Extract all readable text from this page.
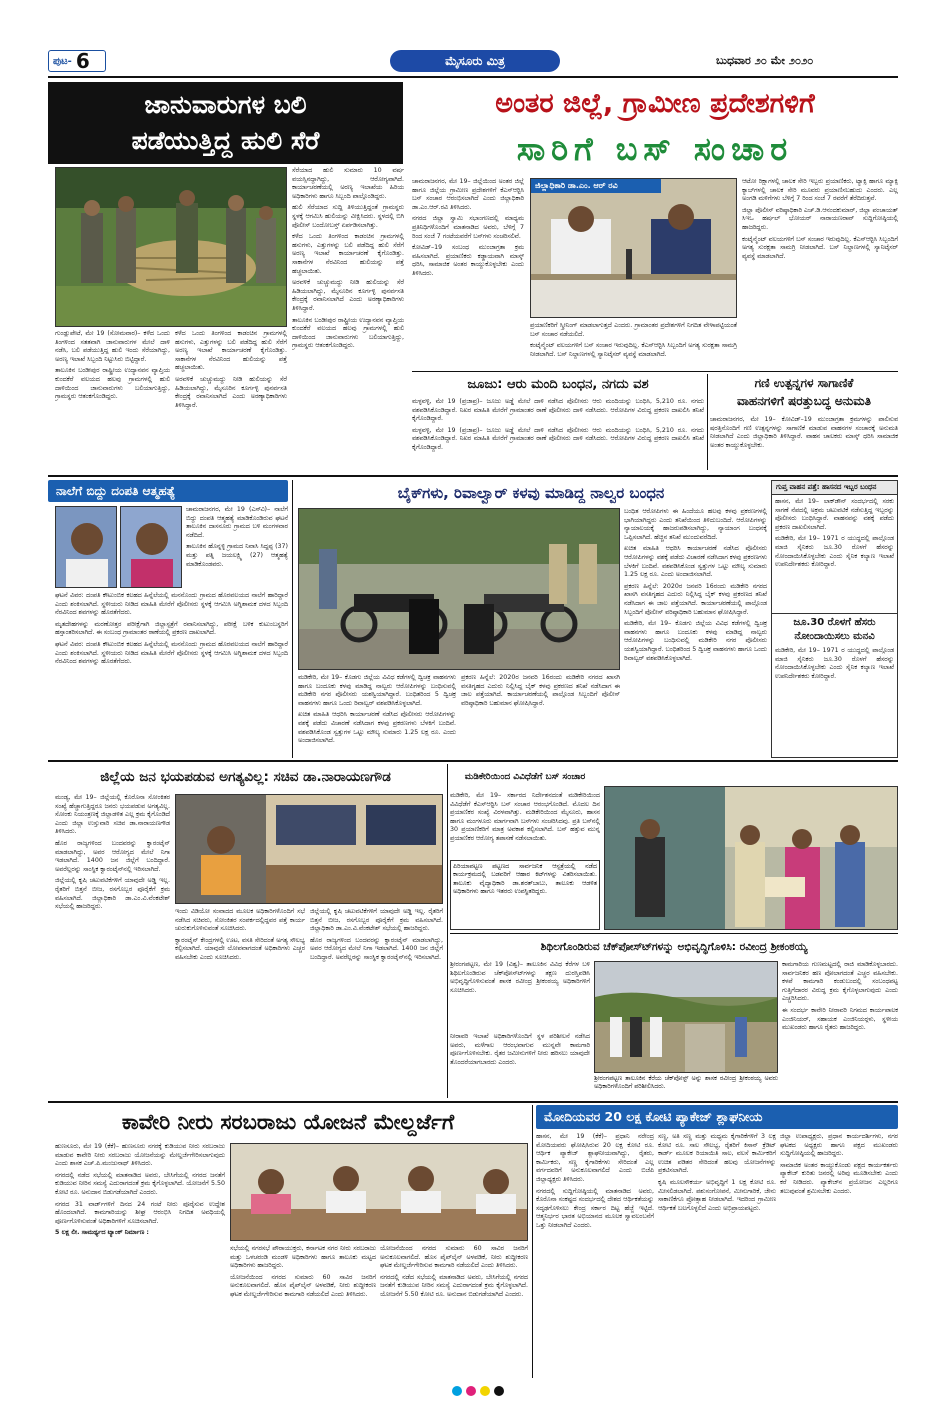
ಪುಟ- 6	ಮೈಸೂರು ಮಿತ್ರ	ಬುಧವಾರ ೨೦ ಮೇ ೨೦೨೦
ಜಾನುವಾರುಗಳ ಬಲಿ
ಪಡೆಯುತ್ತಿದ್ದ ಹುಲಿ ಸೆರೆ

ಗುಂಡ್ಲುಪೇಟೆ, ಮೇ 19 (ಸೋಮವಾರ)– ಕಳೆದ ಒಂದು ತಿಂಗಳಿಂದ ಸತತವಾಗಿ ಜಾನುವಾರುಗಳ ಮೇಲೆ ದಾಳಿ ನಡೆಸಿ, ಬಲಿ ಪಡೆಯುತ್ತಿದ್ದ ಹುಲಿ ಇಂದು ಸೆರೆಯಾಗಿದ್ದು, ಅರಣ್ಯ ಇಲಾಖೆ ಸಿಬ್ಬಂದಿ ನಿಟ್ಟುಸಿರು ಬಿಟ್ಟಿದ್ದಾರೆ.

ತಾಲೂಕಿನ ಬಂಡೀಪುರ ರಾಷ್ಟ್ರೀಯ ಉದ್ಯಾನವನ ವ್ಯಾಪ್ತಿಯ ಕುಂದಕೆರೆ ವಲಯದ ಹಲವು ಗ್ರಾಮಗಳಲ್ಲಿ ಹುಲಿ ದಾಳಿಯಿಂದ ಜಾನುವಾರುಗಳು ಬಲಿಯಾಗುತ್ತಿದ್ದು, ಗ್ರಾಮಸ್ಥರು ಆತಂಕಗೊಂಡಿದ್ದರು.

ಕಳೆದ ಒಂದು ತಿಂಗಳಿಂದ ಕಾಡಂಚಿನ ಗ್ರಾಮಗಳಲ್ಲಿ ಹಸುಗಳು, ಎತ್ತುಗಳನ್ನು ಬಲಿ ಪಡೆದಿದ್ದ ಹುಲಿ ಸೆರೆಗೆ ಅರಣ್ಯ ಇಲಾಖೆ ಕಾರ್ಯಾಚರಣೆ ಕೈಗೊಂಡಿತ್ತು. ಸಾಕಾನೆಗಳ ನೆರವಿನಿಂದ ಹುಲಿಯನ್ನು ಪತ್ತೆ ಹಚ್ಚಲಾಯಿತು.

ಅರವಳಿಕೆ ಚುಚ್ಚುಮದ್ದು ನೀಡಿ ಹುಲಿಯನ್ನು ಸೆರೆ ಹಿಡಿಯಲಾಗಿದ್ದು, ಮೈಸೂರಿನ ಕೂರ್ಗಳ್ಳಿ ಪುನರ್ವಸತಿ ಕೇಂದ್ರಕ್ಕೆ ರವಾನಿಸಲಾಗಿದೆ ಎಂದು ಅರಣ್ಯಾಧಿಕಾರಿಗಳು ತಿಳಿಸಿದ್ದಾರೆ.

ಸೆರೆಯಾದ ಹುಲಿ ಸುಮಾರು 10 ವರ್ಷ ವಯಸ್ಸಿನದ್ದಾಗಿದ್ದು, ಆರೋಗ್ಯವಾಗಿದೆ. ಕಾರ್ಯಾಚರಣೆಯಲ್ಲಿ ಅರಣ್ಯ ಇಲಾಖೆಯ ಹಿರಿಯ ಅಧಿಕಾರಿಗಳು ಹಾಗೂ ಸಿಬ್ಬಂದಿ ಪಾಲ್ಗೊಂಡಿದ್ದರು.

ಹುಲಿ ಸೆರೆಯಾದ ಸುದ್ದಿ ತಿಳಿಯುತ್ತಿದ್ದಂತೆ ಗ್ರಾಮಸ್ಥರು ಸ್ಥಳಕ್ಕೆ ಆಗಮಿಸಿ ಹುಲಿಯನ್ನು ವೀಕ್ಷಿಸಿದರು. ಸ್ಥಳದಲ್ಲಿ ಬಿಗಿ ಪೊಲೀಸ್ ಬಂದೋಬಸ್ತ್ ಏರ್ಪಡಿಸಲಾಗಿತ್ತು.

ಕಳೆದ ಒಂದು ತಿಂಗಳಿಂದ ಕಾಡಂಚಿನ ಗ್ರಾಮಗಳಲ್ಲಿ ಹಸುಗಳು, ಎತ್ತುಗಳನ್ನು ಬಲಿ ಪಡೆದಿದ್ದ ಹುಲಿ ಸೆರೆಗೆ ಅರಣ್ಯ ಇಲಾಖೆ ಕಾರ್ಯಾಚರಣೆ ಕೈಗೊಂಡಿತ್ತು. ಸಾಕಾನೆಗಳ ನೆರವಿನಿಂದ ಹುಲಿಯನ್ನು ಪತ್ತೆ ಹಚ್ಚಲಾಯಿತು.

ಅರವಳಿಕೆ ಚುಚ್ಚುಮದ್ದು ನೀಡಿ ಹುಲಿಯನ್ನು ಸೆರೆ ಹಿಡಿಯಲಾಗಿದ್ದು, ಮೈಸೂರಿನ ಕೂರ್ಗಳ್ಳಿ ಪುನರ್ವಸತಿ ಕೇಂದ್ರಕ್ಕೆ ರವಾನಿಸಲಾಗಿದೆ ಎಂದು ಅರಣ್ಯಾಧಿಕಾರಿಗಳು ತಿಳಿಸಿದ್ದಾರೆ.

ತಾಲೂಕಿನ ಬಂಡೀಪುರ ರಾಷ್ಟ್ರೀಯ ಉದ್ಯಾನವನ ವ್ಯಾಪ್ತಿಯ ಕುಂದಕೆರೆ ವಲಯದ ಹಲವು ಗ್ರಾಮಗಳಲ್ಲಿ ಹುಲಿ ದಾಳಿಯಿಂದ ಜಾನುವಾರುಗಳು ಬಲಿಯಾಗುತ್ತಿದ್ದು, ಗ್ರಾಮಸ್ಥರು ಆತಂಕಗೊಂಡಿದ್ದರು.

ಅಂತರ ಜಿಲ್ಲೆ, ಗ್ರಾಮೀಣ ಪ್ರದೇಶಗಳಿಗೆ
ಸಾರಿಗೆ ಬಸ್ ಸಂಚಾರ

ಚಾಮರಾಜನಗರ, ಮೇ 19– ಜಿಲ್ಲೆಯಿಂದ ಅಂತರ ಜಿಲ್ಲೆ ಹಾಗೂ ಜಿಲ್ಲೆಯ ಗ್ರಾಮೀಣ ಪ್ರದೇಶಗಳಿಗೆ ಕೆಎಸ್‍ಆರ್‍ಟಿಸಿ ಬಸ್ ಸಂಚಾರ ಆರಂಭಿಸಲಾಗಿದೆ ಎಂದು ಜಿಲ್ಲಾಧಿಕಾರಿ ಡಾ.ಎಂ.ಆರ್.ರವಿ ತಿಳಿಸಿದರು.

ನಗರದ ಜಿಲ್ಲಾ ಸ್ವಾಮಿ ಸಭಾಂಗಣದಲ್ಲಿ ಮಾಧ್ಯಮ ಪ್ರತಿನಿಧಿಗಳೊಂದಿಗೆ ಮಾತನಾಡಿದ ಅವರು, ಬೆಳಿಗ್ಗೆ 7 ರಿಂದ ಸಂಜೆ 7 ಗಂಟೆಯವರೆಗೆ ಬಸ್‍ಗಳು ಸಂಚರಿಸಲಿವೆ.

ಕೋವಿಡ್–19 ಸಂಬಂಧ ಮುಂಜಾಗ್ರತಾ ಕ್ರಮ ವಹಿಸಲಾಗಿದೆ. ಪ್ರಯಾಣಿಕರು ಕಡ್ಡಾಯವಾಗಿ ಮಾಸ್ಕ್ ಧರಿಸಿ, ಸಾಮಾಜಿಕ ಅಂತರ ಕಾಯ್ದುಕೊಳ್ಳಬೇಕು ಎಂದು ತಿಳಿಸಿದರು.

ಜಿಲ್ಲಾಧಿಕಾರಿ ಡಾ.ಎಂ. ಆರ್ ರವಿ

ಪ್ರಯಾಣಿಕರಿಗೆ ಸ್ಕ್ರೀನಿಂಗ್ ಮಾಡಲಾಗುತ್ತದೆ ಎಂದರು. ಗ್ರಾಮಾಂತರ ಪ್ರದೇಶಗಳಿಗೆ ನಿಗದಿತ ವೇಳಾಪಟ್ಟಿಯಂತೆ ಬಸ್ ಸಂಚಾರ ನಡೆಯಲಿದೆ.

ಕಂಟೈನ್ಮೆಂಟ್ ವಲಯಗಳಿಗೆ ಬಸ್ ಸಂಚಾರ ಇರುವುದಿಲ್ಲ. ಕೆಎಸ್‍ಆರ್‍ಟಿಸಿ ಸಿಬ್ಬಂದಿಗೆ ಅಗತ್ಯ ಸುರಕ್ಷತಾ ಸಾಮಗ್ರಿ ನೀಡಲಾಗಿದೆ. ಬಸ್ ನಿಲ್ದಾಣಗಳಲ್ಲಿ ಸ್ಯಾನಿಟೈಸರ್ ವ್ಯವಸ್ಥೆ ಮಾಡಲಾಗಿದೆ.

ಆಟೋ ರಿಕ್ಷಾಗಳಲ್ಲಿ ಚಾಲಕ ಸೇರಿ ಇಬ್ಬರು ಪ್ರಯಾಣಿಕರು, ಟ್ಯಾಕ್ಸಿ ಹಾಗೂ ಮ್ಯಾಕ್ಸಿ ಕ್ಯಾಬ್‍ಗಳಲ್ಲಿ ಚಾಲಕ ಸೇರಿ ಮೂವರು ಪ್ರಯಾಣಿಸಬಹುದು ಎಂದರು. ಎಲ್ಲ ಅಂಗಡಿ ಮಳಿಗೆಗಳು ಬೆಳಿಗ್ಗೆ 7 ರಿಂದ ಸಂಜೆ 7 ರವರೆಗೆ ತೆರೆದಿರುತ್ತವೆ.

ಜಿಲ್ಲಾ ಪೊಲೀಸ್ ವರಿಷ್ಠಾಧಿಕಾರಿ ಎಚ್.ಡಿ.ಆನಂದಕುಮಾರ್, ಜಿಲ್ಲಾ ಪಂಚಾಯತ್ ಸಿಇಒ ಹರ್ಷಲ್ ಭೋಯರ್ ನಾರಾಯಣರಾವ್ ಸುದ್ದಿಗೋಷ್ಠಿಯಲ್ಲಿ ಹಾಜರಿದ್ದರು.

ಕಂಟೈನ್ಮೆಂಟ್ ವಲಯಗಳಿಗೆ ಬಸ್ ಸಂಚಾರ ಇರುವುದಿಲ್ಲ. ಕೆಎಸ್‍ಆರ್‍ಟಿಸಿ ಸಿಬ್ಬಂದಿಗೆ ಅಗತ್ಯ ಸುರಕ್ಷತಾ ಸಾಮಗ್ರಿ ನೀಡಲಾಗಿದೆ. ಬಸ್ ನಿಲ್ದಾಣಗಳಲ್ಲಿ ಸ್ಯಾನಿಟೈಸರ್ ವ್ಯವಸ್ಥೆ ಮಾಡಲಾಗಿದೆ.

ಜೂಜು: ಆರು ಮಂದಿ ಬಂಧನ, ನಗದು ವಶ

ಮಳ್ಳವಳ್ಳಿ, ಮೇ 19 (ಪ್ರಜಾಪ್ರ)– ಜೂಜು ಅಡ್ಡೆ ಮೇಲೆ ದಾಳಿ ನಡೆಸಿದ ಪೊಲೀಸರು ಆರು ಮಂದಿಯನ್ನು ಬಂಧಿಸಿ, 5,210 ರೂ. ನಗದು ವಶಪಡಿಸಿಕೊಂಡಿದ್ದಾರೆ. ನಿಖರ ಮಾಹಿತಿ ಮೇರೆಗೆ ಗ್ರಾಮಾಂತರ ಠಾಣೆ ಪೊಲೀಸರು ದಾಳಿ ನಡೆಸಿದರು. ಆರೋಪಿಗಳ ವಿರುದ್ಧ ಪ್ರಕರಣ ದಾಖಲಿಸಿ ತನಿಖೆ ಕೈಗೊಂಡಿದ್ದಾರೆ.

ಮಳ್ಳವಳ್ಳಿ, ಮೇ 19 (ಪ್ರಜಾಪ್ರ)– ಜೂಜು ಅಡ್ಡೆ ಮೇಲೆ ದಾಳಿ ನಡೆಸಿದ ಪೊಲೀಸರು ಆರು ಮಂದಿಯನ್ನು ಬಂಧಿಸಿ, 5,210 ರೂ. ನಗದು ವಶಪಡಿಸಿಕೊಂಡಿದ್ದಾರೆ. ನಿಖರ ಮಾಹಿತಿ ಮೇರೆಗೆ ಗ್ರಾಮಾಂತರ ಠಾಣೆ ಪೊಲೀಸರು ದಾಳಿ ನಡೆಸಿದರು. ಆರೋಪಿಗಳ ವಿರುದ್ಧ ಪ್ರಕರಣ ದಾಖಲಿಸಿ ತನಿಖೆ ಕೈಗೊಂಡಿದ್ದಾರೆ.

ಗಣಿ ಉತ್ಪನ್ನಗಳ ಸಾಗಾಣಿಕೆ
ವಾಹನಗಳಿಗೆ ಷರತ್ತುಬದ್ಧ ಅನುಮತಿ

ಚಾಮರಾಜನಗರ, ಮೇ 19– ಕೋವಿಡ್–19 ಮುಂಜಾಗ್ರತಾ ಕ್ರಮಗಳನ್ನು ಪಾಲಿಸುವ ಷರತ್ತಿನೊಂದಿಗೆ ಗಣಿ ಉತ್ಪನ್ನಗಳನ್ನು ಸಾಗಾಣಿಕೆ ಮಾಡುವ ವಾಹನಗಳ ಸಂಚಾರಕ್ಕೆ ಅನುಮತಿ ನೀಡಲಾಗಿದೆ ಎಂದು ಜಿಲ್ಲಾಧಿಕಾರಿ ತಿಳಿಸಿದ್ದಾರೆ. ವಾಹನ ಚಾಲಕರು ಮಾಸ್ಕ್ ಧರಿಸಿ ಸಾಮಾಜಿಕ ಅಂತರ ಕಾಯ್ದುಕೊಳ್ಳಬೇಕು.

ನಾಲೆಗೆ ಬಿದ್ದು ದಂಪತಿ ಆತ್ಮಹತ್ಯೆ

ಚಾಮರಾಜನಗರ, ಮೇ 19 (ಎಸ್‍ವಿ)– ನಾಲೆಗೆ ಬಿದ್ದು ದಂಪತಿ ಆತ್ಮಹತ್ಯೆ ಮಾಡಿಕೊಂಡಿರುವ ಘಟನೆ ತಾಲೂಕಿನ ದಾಸನೂರು ಗ್ರಾಮದ ಬಳಿ ಮಂಗಳವಾರ ನಡೆದಿದೆ.

ತಾಲೂಕಿನ ಹೊನ್ನಳ್ಳಿ ಗ್ರಾಮದ ನಿವಾಸಿ ಸಿದ್ದಪ್ಪ (37) ಮತ್ತು ಪತ್ನಿ ಜಯಲಕ್ಷ್ಮಿ (27) ಆತ್ಮಹತ್ಯೆ ಮಾಡಿಕೊಂಡವರು.

ಘಟನೆ ವಿವರ: ದಂಪತಿ ಕೌಟುಂಬಿಕ ಕಲಹದ ಹಿನ್ನೆಲೆಯಲ್ಲಿ ಮನನೊಂದು ಗ್ರಾಮದ ಹೊರವಲಯದ ನಾಲೆಗೆ ಹಾರಿದ್ದಾರೆ ಎಂದು ಶಂಕಿಸಲಾಗಿದೆ. ಸ್ಥಳೀಯರು ನೀಡಿದ ಮಾಹಿತಿ ಮೇರೆಗೆ ಪೊಲೀಸರು ಸ್ಥಳಕ್ಕೆ ಆಗಮಿಸಿ ಅಗ್ನಿಶಾಮಕ ದಳದ ಸಿಬ್ಬಂದಿ ನೆರವಿನಿಂದ ಶವಗಳನ್ನು ಹೊರತೆಗೆದರು.

ಮೃತದೇಹಗಳನ್ನು ಮರಣೋತ್ತರ ಪರೀಕ್ಷೆಗಾಗಿ ಜಿಲ್ಲಾಸ್ಪತ್ರೆಗೆ ರವಾನಿಸಲಾಗಿದ್ದು, ಪರೀಕ್ಷೆ ಬಳಿಕ ಕುಟುಂಬಸ್ಥರಿಗೆ ಹಸ್ತಾಂತರಿಸಲಾಗಿದೆ. ಈ ಸಂಬಂಧ ಗ್ರಾಮಾಂತರ ಠಾಣೆಯಲ್ಲಿ ಪ್ರಕರಣ ದಾಖಲಾಗಿದೆ.

ಘಟನೆ ವಿವರ: ದಂಪತಿ ಕೌಟುಂಬಿಕ ಕಲಹದ ಹಿನ್ನೆಲೆಯಲ್ಲಿ ಮನನೊಂದು ಗ್ರಾಮದ ಹೊರವಲಯದ ನಾಲೆಗೆ ಹಾರಿದ್ದಾರೆ ಎಂದು ಶಂಕಿಸಲಾಗಿದೆ. ಸ್ಥಳೀಯರು ನೀಡಿದ ಮಾಹಿತಿ ಮೇರೆಗೆ ಪೊಲೀಸರು ಸ್ಥಳಕ್ಕೆ ಆಗಮಿಸಿ ಅಗ್ನಿಶಾಮಕ ದಳದ ಸಿಬ್ಬಂದಿ ನೆರವಿನಿಂದ ಶವಗಳನ್ನು ಹೊರತೆಗೆದರು.

ಬೈಕ್‍ಗಳು, ರಿವಾಲ್ವಾರ್ ಕಳವು ಮಾಡಿದ್ದ ನಾಲ್ವರ ಬಂಧನ

ಮಡಿಕೇರಿ, ಮೇ 19– ಕೊಡಗು ಜಿಲ್ಲೆಯ ವಿವಿಧ ಕಡೆಗಳಲ್ಲಿ ದ್ವಿಚಕ್ರ ವಾಹನಗಳು ಹಾಗೂ ಬಂದೂಕು ಕಳವು ಮಾಡಿದ್ದ ನಾಲ್ವರು ಆರೋಪಿಗಳನ್ನು ಬಂಧಿಸುವಲ್ಲಿ ಮಡಿಕೇರಿ ನಗರ ಪೊಲೀಸರು ಯಶಸ್ವಿಯಾಗಿದ್ದಾರೆ. ಬಂಧಿತರಿಂದ 5 ದ್ವಿಚಕ್ರ ವಾಹನಗಳು ಹಾಗೂ ಒಂದು ರಿವಾಲ್ವರ್ ವಶಪಡಿಸಿಕೊಳ್ಳಲಾಗಿದೆ.

ಖಚಿತ ಮಾಹಿತಿ ಆಧರಿಸಿ ಕಾರ್ಯಾಚರಣೆ ನಡೆಸಿದ ಪೊಲೀಸರು ಆರೋಪಿಗಳನ್ನು ವಶಕ್ಕೆ ಪಡೆದು ವಿಚಾರಣೆ ನಡೆಸಿದಾಗ ಕಳವು ಪ್ರಕರಣಗಳು ಬೆಳಕಿಗೆ ಬಂದಿವೆ. ವಶಪಡಿಸಿಕೊಂಡ ಸ್ವತ್ತುಗಳ ಒಟ್ಟು ಮೌಲ್ಯ ಸುಮಾರು 1.25 ಲಕ್ಷ ರೂ. ಎಂದು ಅಂದಾಜಿಸಲಾಗಿದೆ.

ಪ್ರಕರಣ ಹಿನ್ನೆಲೆ: 2020ರ ಜನವರಿ 16ರಂದು ಮಡಿಕೇರಿ ನಗರದ ಖಾಸಗಿ ವಸತಿಗೃಹದ ಎದುರು ನಿಲ್ಲಿಸಿದ್ದ ಬೈಕ್ ಕಳವು ಪ್ರಕರಣದ ತನಿಖೆ ನಡೆಸಿದಾಗ ಈ ಜಾಲ ಪತ್ತೆಯಾಗಿದೆ. ಕಾರ್ಯಾಚರಣೆಯಲ್ಲಿ ಪಾಲ್ಗೊಂಡ ಸಿಬ್ಬಂದಿಗೆ ಪೊಲೀಸ್ ವರಿಷ್ಠಾಧಿಕಾರಿ ಬಹುಮಾನ ಘೋಷಿಸಿದ್ದಾರೆ.

ಬಂಧಿತ ಆರೋಪಿಗಳು ಈ ಹಿಂದೆಯೂ ಹಲವು ಕಳವು ಪ್ರಕರಣಗಳಲ್ಲಿ ಭಾಗಿಯಾಗಿದ್ದರು ಎಂದು ತನಿಖೆಯಿಂದ ತಿಳಿದುಬಂದಿದೆ. ಆರೋಪಿಗಳನ್ನು ನ್ಯಾಯಾಲಯಕ್ಕೆ ಹಾಜರುಪಡಿಸಲಾಗಿದ್ದು, ನ್ಯಾಯಾಂಗ ಬಂಧನಕ್ಕೆ ಒಪ್ಪಿಸಲಾಗಿದೆ. ಹೆಚ್ಚಿನ ತನಿಖೆ ಮುಂದುವರೆದಿದೆ.

ಖಚಿತ ಮಾಹಿತಿ ಆಧರಿಸಿ ಕಾರ್ಯಾಚರಣೆ ನಡೆಸಿದ ಪೊಲೀಸರು ಆರೋಪಿಗಳನ್ನು ವಶಕ್ಕೆ ಪಡೆದು ವಿಚಾರಣೆ ನಡೆಸಿದಾಗ ಕಳವು ಪ್ರಕರಣಗಳು ಬೆಳಕಿಗೆ ಬಂದಿವೆ. ವಶಪಡಿಸಿಕೊಂಡ ಸ್ವತ್ತುಗಳ ಒಟ್ಟು ಮೌಲ್ಯ ಸುಮಾರು 1.25 ಲಕ್ಷ ರೂ. ಎಂದು ಅಂದಾಜಿಸಲಾಗಿದೆ.

ಪ್ರಕರಣ ಹಿನ್ನೆಲೆ: 2020ರ ಜನವರಿ 16ರಂದು ಮಡಿಕೇರಿ ನಗರದ ಖಾಸಗಿ ವಸತಿಗೃಹದ ಎದುರು ನಿಲ್ಲಿಸಿದ್ದ ಬೈಕ್ ಕಳವು ಪ್ರಕರಣದ ತನಿಖೆ ನಡೆಸಿದಾಗ ಈ ಜಾಲ ಪತ್ತೆಯಾಗಿದೆ. ಕಾರ್ಯಾಚರಣೆಯಲ್ಲಿ ಪಾಲ್ಗೊಂಡ ಸಿಬ್ಬಂದಿಗೆ ಪೊಲೀಸ್ ವರಿಷ್ಠಾಧಿಕಾರಿ ಬಹುಮಾನ ಘೋಷಿಸಿದ್ದಾರೆ.

ಮಡಿಕೇರಿ, ಮೇ 19– ಕೊಡಗು ಜಿಲ್ಲೆಯ ವಿವಿಧ ಕಡೆಗಳಲ್ಲಿ ದ್ವಿಚಕ್ರ ವಾಹನಗಳು ಹಾಗೂ ಬಂದೂಕು ಕಳವು ಮಾಡಿದ್ದ ನಾಲ್ವರು ಆರೋಪಿಗಳನ್ನು ಬಂಧಿಸುವಲ್ಲಿ ಮಡಿಕೇರಿ ನಗರ ಪೊಲೀಸರು ಯಶಸ್ವಿಯಾಗಿದ್ದಾರೆ. ಬಂಧಿತರಿಂದ 5 ದ್ವಿಚಕ್ರ ವಾಹನಗಳು ಹಾಗೂ ಒಂದು ರಿವಾಲ್ವರ್ ವಶಪಡಿಸಿಕೊಳ್ಳಲಾಗಿದೆ.

ಗುಪ್ತ ವಾಹನ ಪತ್ತೆ: ಹಾಸನದ ಇಬ್ಬರ ಬಂಧನ

ಹಾಸನ, ಮೇ 19– ಲಾಕ್‍ಡೌನ್ ಸಂದರ್ಭದಲ್ಲಿ ಸರಕು ಸಾಗಣೆ ನೆಪದಲ್ಲಿ ಅಕ್ರಮ ಚಟುವಟಿಕೆ ನಡೆಸುತ್ತಿದ್ದ ಇಬ್ಬರನ್ನು ಪೊಲೀಸರು ಬಂಧಿಸಿದ್ದಾರೆ. ವಾಹನವನ್ನು ವಶಕ್ಕೆ ಪಡೆದು ಪ್ರಕರಣ ದಾಖಲಿಸಲಾಗಿದೆ.

ಮಡಿಕೇರಿ, ಮೇ 19– 1971 ರ ಯುದ್ಧದಲ್ಲಿ ಪಾಲ್ಗೊಂಡ ಮಾಜಿ ಸೈನಿಕರು ಜೂ.30 ರೊಳಗೆ ಹೆಸರನ್ನು ನೋಂದಾಯಿಸಿಕೊಳ್ಳಬೇಕು ಎಂದು ಸೈನಿಕ ಕಲ್ಯಾಣ ಇಲಾಖೆ ಉಪನಿರ್ದೇಶಕರು ಕೋರಿದ್ದಾರೆ.

ಜೂ.30 ರೊಳಗೆ ಹೆಸರು
ನೋಂದಾಯಿಸಲು ಮನವಿ

ಮಡಿಕೇರಿ, ಮೇ 19– 1971 ರ ಯುದ್ಧದಲ್ಲಿ ಪಾಲ್ಗೊಂಡ ಮಾಜಿ ಸೈನಿಕರು ಜೂ.30 ರೊಳಗೆ ಹೆಸರನ್ನು ನೋಂದಾಯಿಸಿಕೊಳ್ಳಬೇಕು ಎಂದು ಸೈನಿಕ ಕಲ್ಯಾಣ ಇಲಾಖೆ ಉಪನಿರ್ದೇಶಕರು ಕೋರಿದ್ದಾರೆ.

ಜಿಲ್ಲೆಯ ಜನ ಭಯಪಡುವ ಅಗತ್ಯವಿಲ್ಲ: ಸಚಿವ ಡಾ.ನಾರಾಯಣಗೌಡ

ಮಂಡ್ಯ, ಮೇ 19– ಜಿಲ್ಲೆಯಲ್ಲಿ ಕೊರೊನಾ ಸೋಂಕಿತರ ಸಂಖ್ಯೆ ಹೆಚ್ಚಾಗುತ್ತಿದ್ದರೂ ಜನರು ಭಯಪಡುವ ಅಗತ್ಯವಿಲ್ಲ. ಸೋಂಕು ನಿಯಂತ್ರಣಕ್ಕೆ ಜಿಲ್ಲಾಡಳಿತ ಎಲ್ಲ ಕ್ರಮ ಕೈಗೊಂಡಿದೆ ಎಂದು ಜಿಲ್ಲಾ ಉಸ್ತುವಾರಿ ಸಚಿವ ಡಾ.ನಾರಾಯಣಗೌಡ ತಿಳಿಸಿದರು.

ಹೊರ ರಾಜ್ಯಗಳಿಂದ ಬಂದವರನ್ನು ಕ್ವಾರಂಟೈನ್ ಮಾಡಲಾಗಿದ್ದು, ಅವರ ಆರೋಗ್ಯದ ಮೇಲೆ ನಿಗಾ ಇಡಲಾಗಿದೆ. 1400 ಜನ ಜಿಲ್ಲೆಗೆ ಬಂದಿದ್ದಾರೆ. ಅವರೆಲ್ಲರನ್ನು ಸಾಂಸ್ಥಿಕ ಕ್ವಾರಂಟೈನ್‍ನಲ್ಲಿ ಇರಿಸಲಾಗಿದೆ.

ಜಿಲ್ಲೆಯಲ್ಲಿ ಕೃಷಿ ಚಟುವಟಿಕೆಗಳಿಗೆ ಯಾವುದೇ ಅಡ್ಡಿ ಇಲ್ಲ. ರೈತರಿಗೆ ಬಿತ್ತನೆ ಬೀಜ, ರಸಗೊಬ್ಬರ ಪೂರೈಕೆಗೆ ಕ್ರಮ ವಹಿಸಲಾಗಿದೆ. ಜಿಲ್ಲಾಧಿಕಾರಿ ಡಾ.ಎಂ.ವಿ.ವೆಂಕಟೇಶ್ ಸಭೆಯಲ್ಲಿ ಹಾಜರಿದ್ದರು.

ಇಂದು ವಿಡಿಯೋ ಸಂವಾದದ ಮೂಲಕ ಅಧಿಕಾರಿಗಳೊಂದಿಗೆ ಸಭೆ ನಡೆಸಿದ ಸಚಿವರು, ಸೋಂಕಿತರ ಸಂಪರ್ಕದಲ್ಲಿದ್ದವರ ಪತ್ತೆ ಕಾರ್ಯ ಚುರುಕುಗೊಳಿಸುವಂತೆ ಸೂಚಿಸಿದರು.

ಕ್ವಾರಂಟೈನ್ ಕೇಂದ್ರಗಳಲ್ಲಿ ಊಟ, ವಸತಿ ಸೇರಿದಂತೆ ಅಗತ್ಯ ಸೌಲಭ್ಯ ಕಲ್ಪಿಸಲಾಗಿದೆ. ಯಾವುದೇ ಲೋಪವಾಗದಂತೆ ಅಧಿಕಾರಿಗಳು ಎಚ್ಚರ ವಹಿಸಬೇಕು ಎಂದು ಸೂಚಿಸಿದರು.

ಜಿಲ್ಲೆಯಲ್ಲಿ ಕೃಷಿ ಚಟುವಟಿಕೆಗಳಿಗೆ ಯಾವುದೇ ಅಡ್ಡಿ ಇಲ್ಲ. ರೈತರಿಗೆ ಬಿತ್ತನೆ ಬೀಜ, ರಸಗೊಬ್ಬರ ಪೂರೈಕೆಗೆ ಕ್ರಮ ವಹಿಸಲಾಗಿದೆ. ಜಿಲ್ಲಾಧಿಕಾರಿ ಡಾ.ಎಂ.ವಿ.ವೆಂಕಟೇಶ್ ಸಭೆಯಲ್ಲಿ ಹಾಜರಿದ್ದರು.

ಹೊರ ರಾಜ್ಯಗಳಿಂದ ಬಂದವರನ್ನು ಕ್ವಾರಂಟೈನ್ ಮಾಡಲಾಗಿದ್ದು, ಅವರ ಆರೋಗ್ಯದ ಮೇಲೆ ನಿಗಾ ಇಡಲಾಗಿದೆ. 1400 ಜನ ಜಿಲ್ಲೆಗೆ ಬಂದಿದ್ದಾರೆ. ಅವರೆಲ್ಲರನ್ನು ಸಾಂಸ್ಥಿಕ ಕ್ವಾರಂಟೈನ್‍ನಲ್ಲಿ ಇರಿಸಲಾಗಿದೆ.

ಮಡಿಕೇರಿಯಿಂದ ವಿವಿಧೆಡೆಗೆ ಬಸ್ ಸಂಚಾರ

ಮಡಿಕೇರಿ, ಮೇ 19– ಸರ್ಕಾರದ ನಿರ್ದೇಶನದಂತೆ ಮಡಿಕೇರಿಯಿಂದ ವಿವಿಧೆಡೆಗೆ ಕೆಎಸ್‍ಆರ್‍ಟಿಸಿ ಬಸ್ ಸಂಚಾರ ಆರಂಭಗೊಂಡಿದೆ. ಮೊದಲ ದಿನ ಪ್ರಯಾಣಿಕರ ಸಂಖ್ಯೆ ವಿರಳವಾಗಿತ್ತು. ಮಡಿಕೇರಿಯಿಂದ ಮೈಸೂರು, ಹಾಸನ ಹಾಗೂ ಮಂಗಳೂರು ಮಾರ್ಗವಾಗಿ ಬಸ್‍ಗಳು ಸಂಚರಿಸಿದವು. ಪ್ರತಿ ಬಸ್‍ನಲ್ಲಿ 30 ಪ್ರಯಾಣಿಕರಿಗೆ ಮಾತ್ರ ಅವಕಾಶ ಕಲ್ಪಿಸಲಾಗಿದೆ. ಬಸ್ ಹತ್ತುವ ಮುನ್ನ ಪ್ರಯಾಣಿಕರ ಆರೋಗ್ಯ ತಪಾಸಣೆ ನಡೆಸಲಾಯಿತು.

ಪಿರಿಯಾಪಟ್ಟಣ ಪಟ್ಟಣದ ಸಾರ್ವಜನಿಕ ಆಸ್ಪತ್ರೆಯಲ್ಲಿ ನಡೆದ ಕಾರ್ಯಕ್ರಮದಲ್ಲಿ ಬಡವರಿಗೆ ಆಹಾರ ಕಿಟ್‍ಗಳನ್ನು ವಿತರಿಸಲಾಯಿತು. ತಾಲೂಕು ವೈದ್ಯಾಧಿಕಾರಿ ಡಾ.ಶರತ್‍ಬಾಬು, ತಾಲೂಕು ಆಡಳಿತ ಅಧಿಕಾರಿಗಳು ಹಾಗೂ ಇತರರು ಉಪಸ್ಥಿತರಿದ್ದರು.

ಶಿಥಿಲಗೊಂಡಿರುವ ಚೆಕ್‍ಪೋಸ್ಟ್‍ಗಳನ್ನು ಅಭಿವೃದ್ಧಿಗೊಳಿಸಿ: ರವೀಂದ್ರ ಶ್ರೀಕಂಠಯ್ಯ

ಶ್ರೀರಂಗಪಟ್ಟಣ, ಮೇ 19 (ವಿಶ್ವ)– ತಾಲೂಕಿನ ವಿವಿಧ ಕೆರೆಗಳ ಬಳಿ ಶಿಥಿಲಗೊಂಡಿರುವ ಚೆಕ್‍ಪೋಸ್ಟ್‍ಗಳನ್ನು ತಕ್ಷಣ ದುರಸ್ತಿಪಡಿಸಿ ಅಭಿವೃದ್ಧಿಗೊಳಿಸುವಂತೆ ಶಾಸಕ ರವೀಂದ್ರ ಶ್ರೀಕಂಠಯ್ಯ ಅಧಿಕಾರಿಗಳಿಗೆ ಸೂಚಿಸಿದರು.

ನೀರಾವರಿ ಇಲಾಖೆ ಅಧಿಕಾರಿಗಳೊಂದಿಗೆ ಸ್ಥಳ ಪರಿಶೀಲನೆ ನಡೆಸಿದ ಅವರು, ಮಳೆಗಾಲ ಆರಂಭವಾಗುವ ಮುನ್ನವೇ ಕಾಮಗಾರಿ ಪೂರ್ಣಗೊಳಿಸಬೇಕು. ರೈತರ ಜಮೀನುಗಳಿಗೆ ನೀರು ಹರಿಸಲು ಯಾವುದೇ ತೊಂದರೆಯಾಗಬಾರದು ಎಂದರು.

ಶ್ರೀರಂಗಪಟ್ಟಣ ತಾಲೂಕಿನ ಕೆರೆಯ ಚೆಕ್‍ಪೋಸ್ಟ್ ಅನ್ನು ಶಾಸಕ ರವೀಂದ್ರ ಶ್ರೀಕಂಠಯ್ಯ ಅವರು ಅಧಿಕಾರಿಗಳೊಂದಿಗೆ ಪರಿಶೀಲಿಸಿದರು.

ಕಾಮಗಾರಿಯ ಗುಣಮಟ್ಟದಲ್ಲಿ ರಾಜಿ ಮಾಡಿಕೊಳ್ಳಬಾರದು. ಸಾರ್ವಜನಿಕರ ಹಣ ಪೋಲಾಗದಂತೆ ಎಚ್ಚರ ವಹಿಸಬೇಕು. ಕಳಪೆ ಕಾಮಗಾರಿ ಕಂಡುಬಂದಲ್ಲಿ ಸಂಬಂಧಪಟ್ಟ ಗುತ್ತಿಗೆದಾರರ ವಿರುದ್ಧ ಕ್ರಮ ಕೈಗೊಳ್ಳಲಾಗುವುದು ಎಂದು ಎಚ್ಚರಿಸಿದರು.

ಈ ಸಂದರ್ಭ ಕಾವೇರಿ ನೀರಾವರಿ ನಿಗಮದ ಕಾರ್ಯಪಾಲಕ ಎಂಜಿನಿಯರ್, ಸಹಾಯಕ ಎಂಜಿನಿಯರ್‍ಗಳು, ಸ್ಥಳೀಯ ಮುಖಂಡರು ಹಾಗೂ ರೈತರು ಹಾಜರಿದ್ದರು.

ಕಾವೇರಿ ನೀರು ಸರಬರಾಜು ಯೋಜನೆ ಮೇಲ್ದರ್ಜೆಗೆ

ಹುಣಸೂರು, ಮೇ 19 (ಕೆಕೆ)– ಹುಣಸೂರು ನಗರಕ್ಕೆ ಕುಡಿಯುವ ನೀರು ಸರಬರಾಜು ಮಾಡುವ ಕಾವೇರಿ ನೀರು ಸರಬರಾಜು ಯೋಜನೆಯನ್ನು ಮೇಲ್ದರ್ಜೆಗೇರಿಸಲಾಗುವುದು ಎಂದು ಶಾಸಕ ಎಚ್.ಪಿ.ಮಂಜುನಾಥ್ ತಿಳಿಸಿದರು.

ನಗರದಲ್ಲಿ ನಡೆದ ಸಭೆಯಲ್ಲಿ ಮಾತನಾಡಿದ ಅವರು, ಬೇಸಿಗೆಯಲ್ಲಿ ನಗರದ ಜನತೆಗೆ ಕುಡಿಯುವ ನೀರಿನ ಸಮಸ್ಯೆ ಎದುರಾಗದಂತೆ ಕ್ರಮ ಕೈಗೊಳ್ಳಲಾಗಿದೆ. ಯೋಜನೆಗೆ 5.50 ಕೋಟಿ ರೂ. ಅನುದಾನ ಬಿಡುಗಡೆಯಾಗಿದೆ ಎಂದರು.

ನಗರದ 31 ವಾರ್ಡ್‍ಗಳಿಗೆ ದಿನದ 24 ಗಂಟೆ ನೀರು ಪೂರೈಸುವ ಉದ್ದೇಶ ಹೊಂದಲಾಗಿದೆ. ಕಾಮಗಾರಿಯನ್ನು ಶೀಘ್ರ ಆರಂಭಿಸಿ ನಿಗದಿತ ಅವಧಿಯಲ್ಲಿ ಪೂರ್ಣಗೊಳಿಸುವಂತೆ ಅಧಿಕಾರಿಗಳಿಗೆ ಸೂಚಿಸಲಾಗಿದೆ.

5 ಲಕ್ಷ ಲೀ. ಸಾಮರ್ಥ್ಯದ ಟ್ಯಾಂಕ್ ನಿರ್ಮಾಣ :

ಸಭೆಯಲ್ಲಿ ನಗರಸಭೆ ಪೌರಾಯುಕ್ತರು, ಕರ್ನಾಟಕ ನಗರ ನೀರು ಸರಬರಾಜು ಮತ್ತು ಒಳಚರಂಡಿ ಮಂಡಳಿ ಅಧಿಕಾರಿಗಳು ಹಾಗೂ ತಾಲೂಕು ಮಟ್ಟದ ಅಧಿಕಾರಿಗಳು ಹಾಜರಿದ್ದರು.

ಯೋಜನೆಯಿಂದ ನಗರದ ಸುಮಾರು 60 ಸಾವಿರ ಜನರಿಗೆ ಅನುಕೂಲವಾಗಲಿದೆ. ಹೊಸ ಪೈಪ್‍ಲೈನ್ ಅಳವಡಿಕೆ, ನೀರು ಶುದ್ಧೀಕರಣ ಘಟಕ ಮೇಲ್ದರ್ಜೆಗೇರಿಸುವ ಕಾಮಗಾರಿ ನಡೆಯಲಿದೆ ಎಂದು ತಿಳಿಸಿದರು.

ಯೋಜನೆಯಿಂದ ನಗರದ ಸುಮಾರು 60 ಸಾವಿರ ಜನರಿಗೆ ಅನುಕೂಲವಾಗಲಿದೆ. ಹೊಸ ಪೈಪ್‍ಲೈನ್ ಅಳವಡಿಕೆ, ನೀರು ಶುದ್ಧೀಕರಣ ಘಟಕ ಮೇಲ್ದರ್ಜೆಗೇರಿಸುವ ಕಾಮಗಾರಿ ನಡೆಯಲಿದೆ ಎಂದು ತಿಳಿಸಿದರು.

ನಗರದಲ್ಲಿ ನಡೆದ ಸಭೆಯಲ್ಲಿ ಮಾತನಾಡಿದ ಅವರು, ಬೇಸಿಗೆಯಲ್ಲಿ ನಗರದ ಜನತೆಗೆ ಕುಡಿಯುವ ನೀರಿನ ಸಮಸ್ಯೆ ಎದುರಾಗದಂತೆ ಕ್ರಮ ಕೈಗೊಳ್ಳಲಾಗಿದೆ. ಯೋಜನೆಗೆ 5.50 ಕೋಟಿ ರೂ. ಅನುದಾನ ಬಿಡುಗಡೆಯಾಗಿದೆ ಎಂದರು.

ಮೋದಿಯವರ 20 ಲಕ್ಷ ಕೋಟಿ ಪ್ಯಾಕೇಜ್ ಶ್ಲಾಘನೀಯ

ಹಾಸನ, ಮೇ 19 (ಕೆಕೆ)– ಪ್ರಧಾನಿ ನರೇಂದ್ರ ಮೋದಿಯವರು ಘೋಷಿಸಿರುವ 20 ಲಕ್ಷ ಕೋಟಿ ರೂ. ಆರ್ಥಿಕ ಪ್ಯಾಕೇಜ್ ಶ್ಲಾಘನೀಯವಾಗಿದ್ದು, ರೈತರು, ಕಾರ್ಮಿಕರು, ಸಣ್ಣ ಕೈಗಾರಿಕೆಗಳು ಸೇರಿದಂತೆ ಎಲ್ಲ ವರ್ಗದವರಿಗೆ ಅನುಕೂಲವಾಗಲಿದೆ ಎಂದು ಬಿಜೆಪಿ ಜಿಲ್ಲಾಧ್ಯಕ್ಷರು ತಿಳಿಸಿದರು.

ನಗರದಲ್ಲಿ ಸುದ್ದಿಗೋಷ್ಠಿಯಲ್ಲಿ ಮಾತನಾಡಿದ ಅವರು, ಕೊರೊನಾ ಸಂಕಷ್ಟದ ಸಂದರ್ಭದಲ್ಲಿ ದೇಶದ ಆರ್ಥಿಕತೆಯನ್ನು ಸದೃಢಗೊಳಿಸಲು ಕೇಂದ್ರ ಸರ್ಕಾರ ದಿಟ್ಟ ಹೆಜ್ಜೆ ಇಟ್ಟಿದೆ. ಆತ್ಮನಿರ್ಭರ ಭಾರತ ಅಭಿಯಾನದ ಮೂಲಕ ಸ್ವಾವಲಂಬನೆಗೆ ಒತ್ತು ನೀಡಲಾಗಿದೆ ಎಂದರು.

ಸಣ್ಣ, ಅತಿ ಸಣ್ಣ ಮತ್ತು ಮಧ್ಯಮ ಕೈಗಾರಿಕೆಗಳಿಗೆ 3 ಲಕ್ಷ ಕೋಟಿ ರೂ. ಸಾಲ ಸೌಲಭ್ಯ, ರೈತರಿಗೆ ಕಿಸಾನ್ ಕ್ರೆಡಿಟ್ ಕಾರ್ಡ್ ಮೂಲಕ ರಿಯಾಯಿತಿ ಸಾಲ, ವಲಸೆ ಕಾರ್ಮಿಕರಿಗೆ ಉಚಿತ ಪಡಿತರ ಸೇರಿದಂತೆ ಹಲವು ಯೋಜನೆಗಳನ್ನು ಪ್ರಕಟಿಸಲಾಗಿದೆ.

ಕೃಷಿ ಮೂಲಸೌಕರ್ಯ ಅಭಿವೃದ್ಧಿಗೆ 1 ಲಕ್ಷ ಕೋಟಿ ರೂ. ಮೀಸಲಿಡಲಾಗಿದೆ. ಪಶುಸಂಗೋಪನೆ, ಮೀನುಗಾರಿಕೆ, ಜೇನು ಸಾಕಾಣಿಕೆಗೂ ಪ್ರೋತ್ಸಾಹ ನೀಡಲಾಗಿದೆ. ಇದರಿಂದ ಗ್ರಾಮೀಣ ಆರ್ಥಿಕತೆ ಬಲಗೊಳ್ಳಲಿದೆ ಎಂದು ಅಭಿಪ್ರಾಯಪಟ್ಟರು.

ಜಿಲ್ಲಾ ಉಪಾಧ್ಯಕ್ಷರು, ಪ್ರಧಾನ ಕಾರ್ಯದರ್ಶಿಗಳು, ನಗರ ಘಟಕದ ಅಧ್ಯಕ್ಷರು ಹಾಗೂ ಪಕ್ಷದ ಮುಖಂಡರು ಸುದ್ದಿಗೋಷ್ಠಿಯಲ್ಲಿ ಹಾಜರಿದ್ದರು.

ಸಾಮಾಜಿಕ ಅಂತರ ಕಾಯ್ದುಕೊಂಡು ಪಕ್ಷದ ಕಾರ್ಯಕರ್ತರು ಪ್ಯಾಕೇಜ್ ಕುರಿತು ಜನರಲ್ಲಿ ಅರಿವು ಮೂಡಿಸಬೇಕು ಎಂದು ಕರೆ ನೀಡಿದರು. ಪ್ಯಾಕೇಜ್‍ನ ಪ್ರಯೋಜನ ಎಲ್ಲರಿಗೂ ತಲುಪುವಂತೆ ಶ್ರಮಿಸಬೇಕು ಎಂದರು.
